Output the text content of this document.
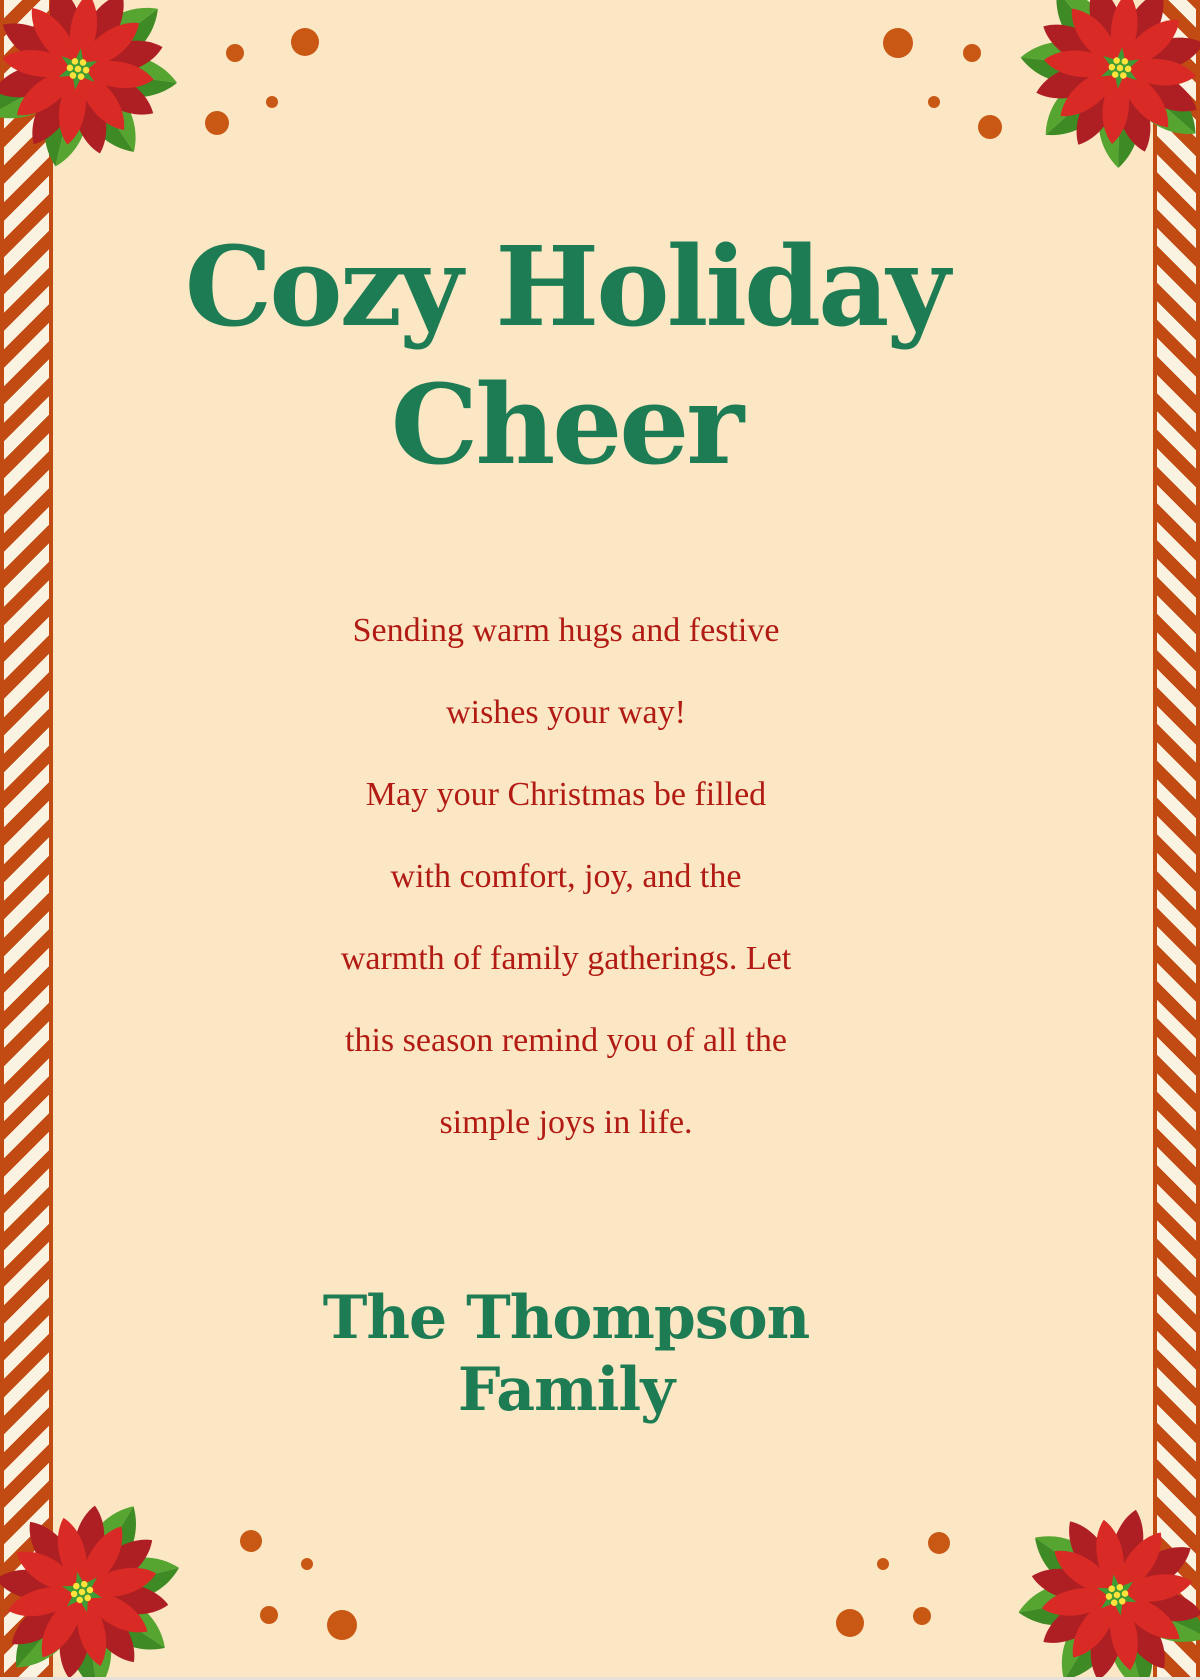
Cozy Holiday
Cheer
Sending warm hugs and festive
wishes your way!
May your Christmas be filled
with comfort, joy, and the
warmth of family gatherings. Let
this season remind you of all the
simple joys in life.
The Thompson
Family
